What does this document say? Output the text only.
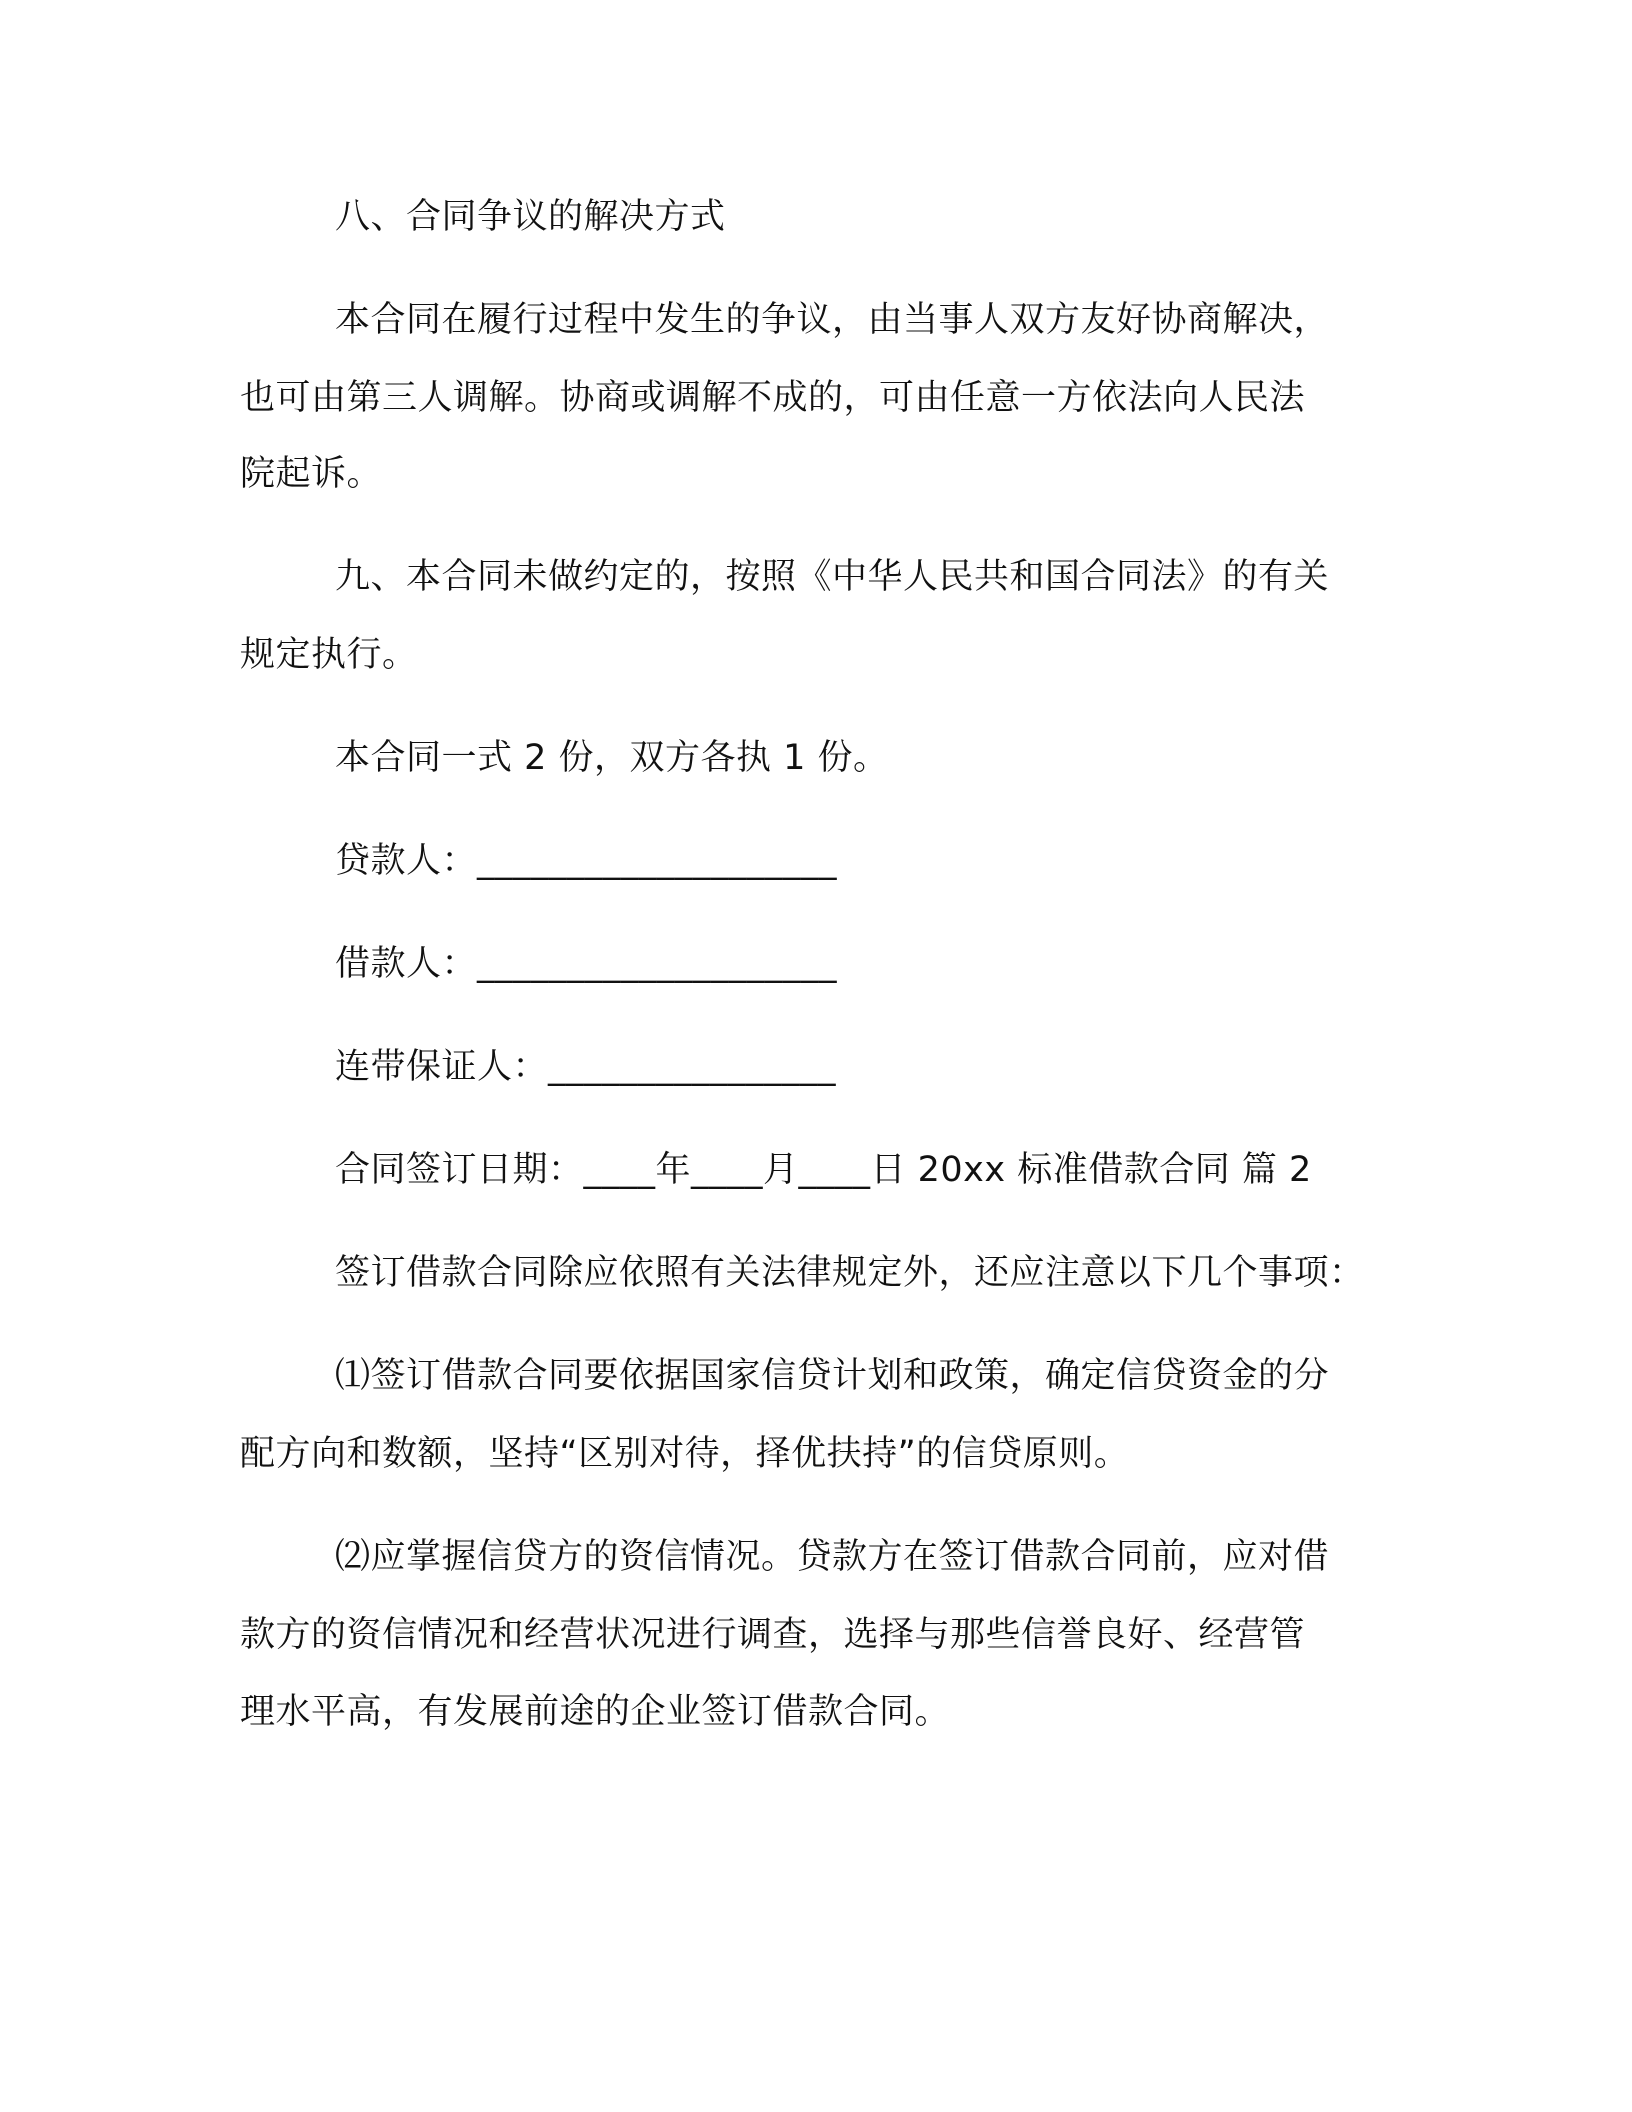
八、合同争议的解决方式
本合同在履行过程中发生的争议，由当事人双方友好协商解决，
也可由第三人调解。协商或调解不成的，可由任意一方依法向人民法
院起诉。
九、本合同未做约定的，按照《中华人民共和国合同法》的有关
规定执行。
本合同一式 2 份，双方各执 1 份。
贷款人：____________________
借款人：____________________
连带保证人：________________
合同签订日期：____年____月____日 20xx 标准借款合同 篇 2
签订借款合同除应依照有关法律规定外，还应注意以下几个事项：
⑴签订借款合同要依据国家信贷计划和政策，确定信贷资金的分
配方向和数额，坚持“区别对待，择优扶持”的信贷原则。
⑵应掌握信贷方的资信情况。贷款方在签订借款合同前，应对借
款方的资信情况和经营状况进行调查，选择与那些信誉良好、经营管
理水平高，有发展前途的企业签订借款合同。
